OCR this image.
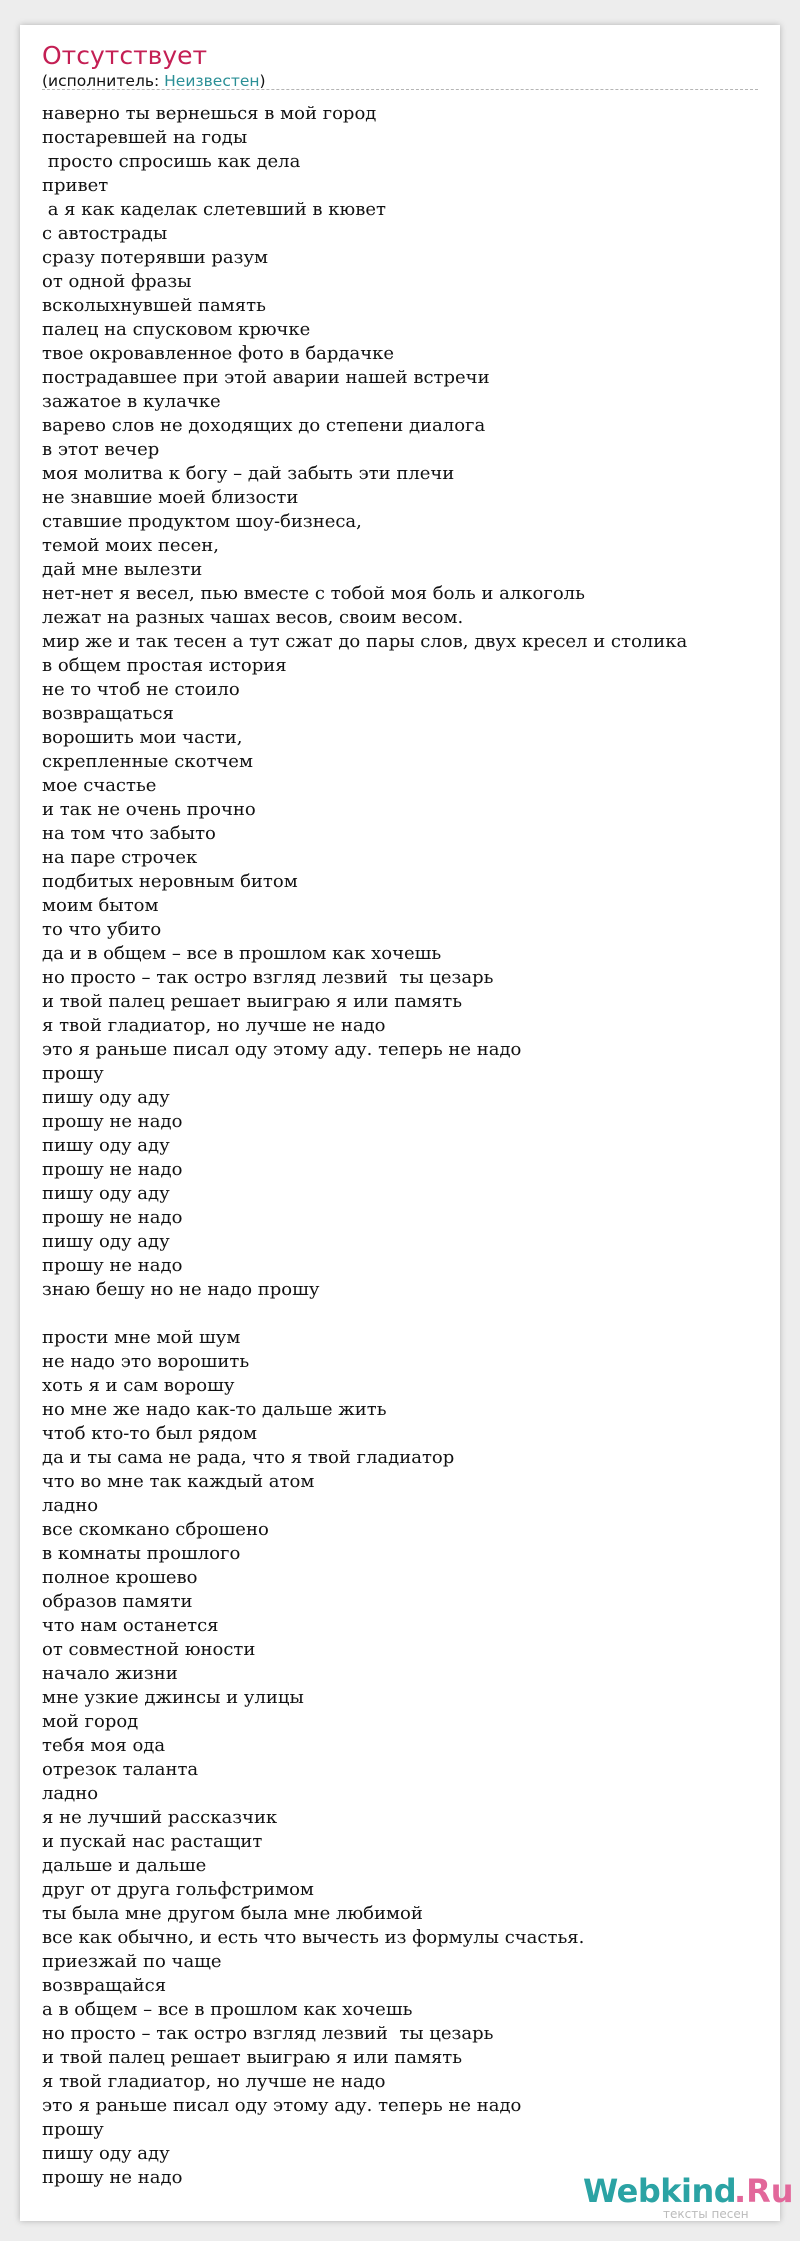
Отсутствует
(исполнитель: Неизвестен)
наверно ты вернешься в мой город
постаревшей на годы
просто спросишь как дела
привет
а я как каделак слетевший в кювет
с автострады
сразу потерявши разум
от одной фразы
всколыхнувшей память
палец на спусковом крючке
твое окровавленное фото в бардачке
пострадавшее при этой аварии нашей встречи
зажатое в кулачке
варево слов не доходящих до степени диалога
в этот вечер
моя молитва к богу – дай забыть эти плечи
не знавшие моей близости
ставшие продуктом шоу-бизнеса,
темой моих песен,
дай мне вылезти
нет-нет я весел, пью вместе с тобой моя боль и алкоголь
лежат на разных чашах весов, своим весом.
мир же и так тесен а тут сжат до пары слов, двух кресел и столика
в общем простая история
не то чтоб не стоило
возвращаться
ворошить мои части,
скрепленные скотчем
мое счастье
и так не очень прочно
на том что забыто
на паре строчек
подбитых неровным битом
моим бытом
то что убито
да и в общем – все в прошлом как хочешь
но просто – так остро взгляд лезвий  ты цезарь
и твой палец решает выиграю я или память
я твой гладиатор, но лучше не надо
это я раньше писал оду этому аду. теперь не надо
прошу
пишу оду аду
прошу не надо
пишу оду аду
прошу не надо
пишу оду аду
прошу не надо
пишу оду аду
прошу не надо
знаю бешу но не надо прошу
прости мне мой шум
не надо это ворошить
хоть я и сам ворошу
но мне же надо как-то дальше жить
чтоб кто-то был рядом
да и ты сама не рада, что я твой гладиатор
что во мне так каждый атом
ладно
все скомкано сброшено
в комнаты прошлого
полное крошево
образов памяти
что нам останется
от совместной юности
начало жизни
мне узкие джинсы и улицы
мой город
тебя моя ода
отрезок таланта
ладно
я не лучший рассказчик
и пускай нас растащит
дальше и дальше
друг от друга гольфстримом
ты была мне другом была мне любимой
все как обычно, и есть что вычесть из формулы счастья.
приезжай по чаще
возвращайся
а в общем – все в прошлом как хочешь
но просто – так остро взгляд лезвий  ты цезарь
и твой палец решает выиграю я или память
я твой гладиатор, но лучше не надо
это я раньше писал оду этому аду. теперь не надо
прошу
пишу оду аду
прошу не надо	Webkind
.Ru
тексты песен
